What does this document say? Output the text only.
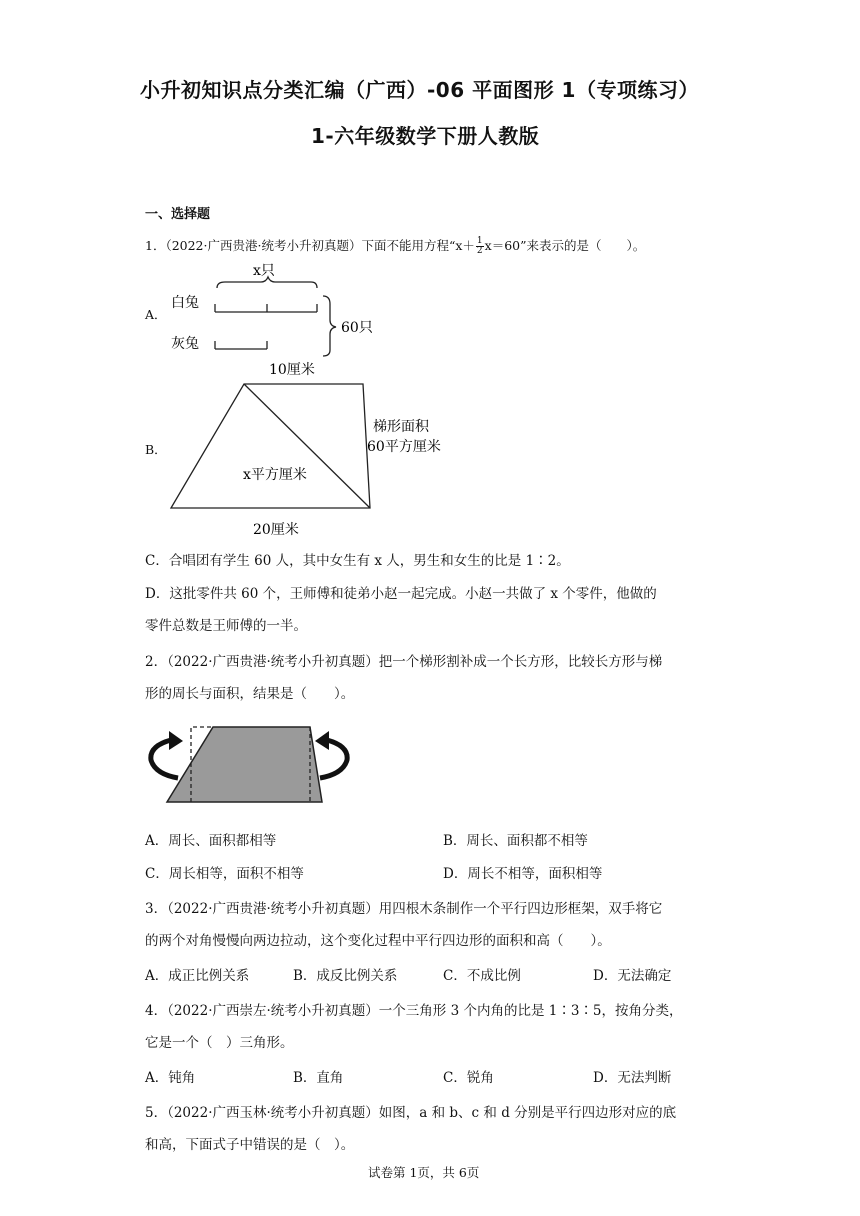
小升初知识点分类汇编（广西）-06 平面图形 1（专项练习）
1-六年级数学下册人教版
一、选择题
1．（2022·广西贵港·统考小升初真题）下面不能用方程“$x+ \frac{1}{2} x=60$”来表示的是（　　）。
A．
x只
白兔
灰兔
60只
B．
10厘米
x平方厘米
梯形面积
60平方厘米
20厘米
C．合唱团有学生 60 人，其中女生有 x 人，男生和女生的比是 1∶2。
D．这批零件共 60 个，王师傅和徒弟小赵一起完成。小赵一共做了 x 个零件，他做的
零件总数是王师傅的一半。
2．（2022·广西贵港·统考小升初真题）把一个梯形割补成一个长方形，比较长方形与梯
形的周长与面积，结果是（　　）。
A．周长、面积都相等	B．周长、面积都不相等
C．周长相等，面积不相等	D．周长不相等，面积相等
3．（2022·广西贵港·统考小升初真题）用四根木条制作一个平行四边形框架，双手将它
的两个对角慢慢向两边拉动，这个变化过程中平行四边形的面积和高（　　）。
A．成正比例关系	B．成反比例关系	C．不成比例	D．无法确定
4．（2022·广西崇左·统考小升初真题）一个三角形 3 个内角的比是 1∶3∶5，按角分类，
它是一个（　）三角形。
A．钝角	B．直角	C．锐角	D．无法判断
5．（2022·广西玉林·统考小升初真题）如图，a 和 b、c 和 d 分别是平行四边形对应的底
和高，下面式子中错误的是（　）。
试卷第 1页，共 6页
